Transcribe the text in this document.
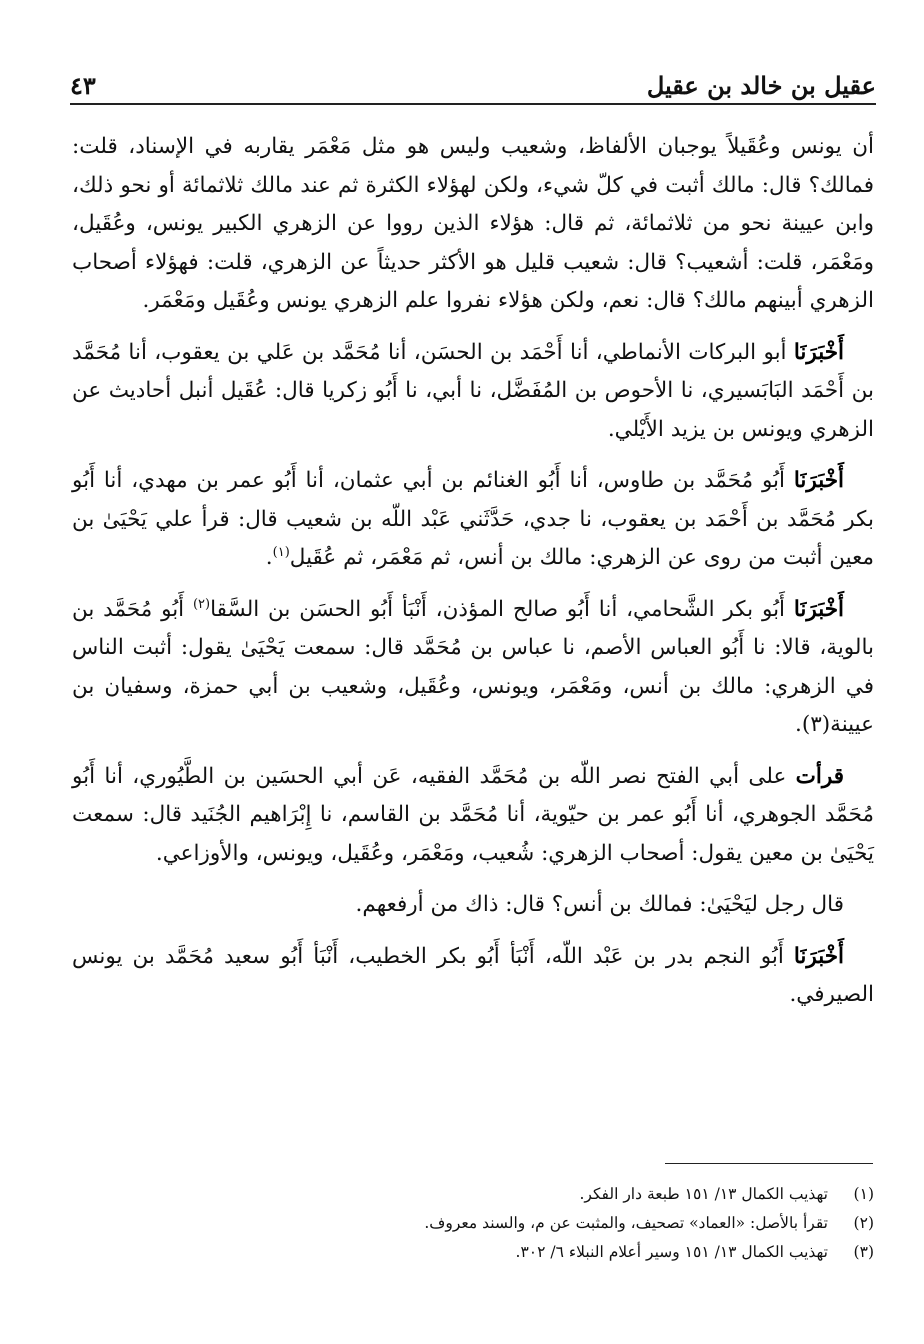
٤٣	عقيل بن خالد بن عقيل

أن يونس وعُقَيلاً يوجبان الألفاظ، وشعيب وليس هو مثل مَعْمَر يقاربه في الإسناد، قلت: فمالك؟ قال: مالك أثبت في كلّ شيء، ولكن لهؤلاء الكثرة ثم عند مالك ثلاثمائة أو نحو ذلك، وابن عيينة نحو من ثلاثمائة، ثم قال: هؤلاء الذين رووا عن الزهري الكبير يونس، وعُقَيل، ومَعْمَر، قلت: أشعيب؟ قال: شعيب قليل هو الأكثر حديثاً عن الزهري، قلت: فهؤلاء أصحاب الزهري أبينهم مالك؟ قال: نعم، ولكن هؤلاء نفروا علم الزهري يونس وعُقَيل ومَعْمَر.

أَخْبَرَنَا أبو البركات الأنماطي، أنا أَحْمَد بن الحسَن، أنا مُحَمَّد بن عَلي بن يعقوب، أنا مُحَمَّد بن أَحْمَد البَابَسيري، نا الأحوص بن المُفَضَّل، نا أبي، نا أَبُو زكريا قال: عُقَيل أنبل أحاديث عن الزهري ويونس بن يزيد الأَيْلي.

أَخْبَرَنَا أَبُو مُحَمَّد بن طاوس، أنا أَبُو الغنائم بن أبي عثمان، أنا أَبُو عمر بن مهدي، أنا أَبُو بكر مُحَمَّد بن أَحْمَد بن يعقوب، نا جدي، حَدَّثَني عَبْد اللّه بن شعيب قال: قرأ علي يَحْيَىٰ بن معين أثبت من روى عن الزهري: مالك بن أنس، ثم مَعْمَر، ثم عُقَيل$^{(١)}$.

أَخْبَرَنَا أَبُو بكر الشَّحامي، أنا أَبُو صالح المؤذن، أَنْبَأ أَبُو الحسَن بن السَّقا$^{(٢)}$ أَبُو مُحَمَّد بن بالوية، قالا: نا أَبُو العباس الأصم، نا عباس بن مُحَمَّد قال: سمعت يَحْيَىٰ يقول: أثبت الناس في الزهري: مالك بن أنس، ومَعْمَر، ويونس، وعُقَيل، وشعيب بن أبي حمزة، وسفيان بن عيينة(٣).

قرأت على أبي الفتح نصر اللّه بن مُحَمَّد الفقيه، عَن أبي الحسَين بن الطَّيُوري، أنا أَبُو مُحَمَّد الجوهري، أنا أَبُو عمر بن حيّوية، أنا مُحَمَّد بن القاسم، نا إِبْرَاهيم الجُنَيد قال: سمعت يَحْيَىٰ بن معين يقول: أصحاب الزهري: شُعيب، ومَعْمَر، وعُقَيل، ويونس، والأوزاعي.

قال رجل ليَحْيَىٰ: فمالك بن أنس؟ قال: ذاك من أرفعهم.

أَخْبَرَنَا أَبُو النجم بدر بن عَبْد اللّه، أَنْبَأ أَبُو بكر الخطيب، أَنْبَأ أَبُو سعيد مُحَمَّد بن يونس الصيرفي.

(١)
تهذيب الكمال ١٣/ ١٥١ طبعة دار الفكر.
(٢)
تقرأ بالأصل: «العماد» تصحيف، والمثبت عن م، والسند معروف.
(٣)
تهذيب الكمال ١٣/ ١٥١ وسير أعلام النبلاء ٦/ ٣٠٢.
